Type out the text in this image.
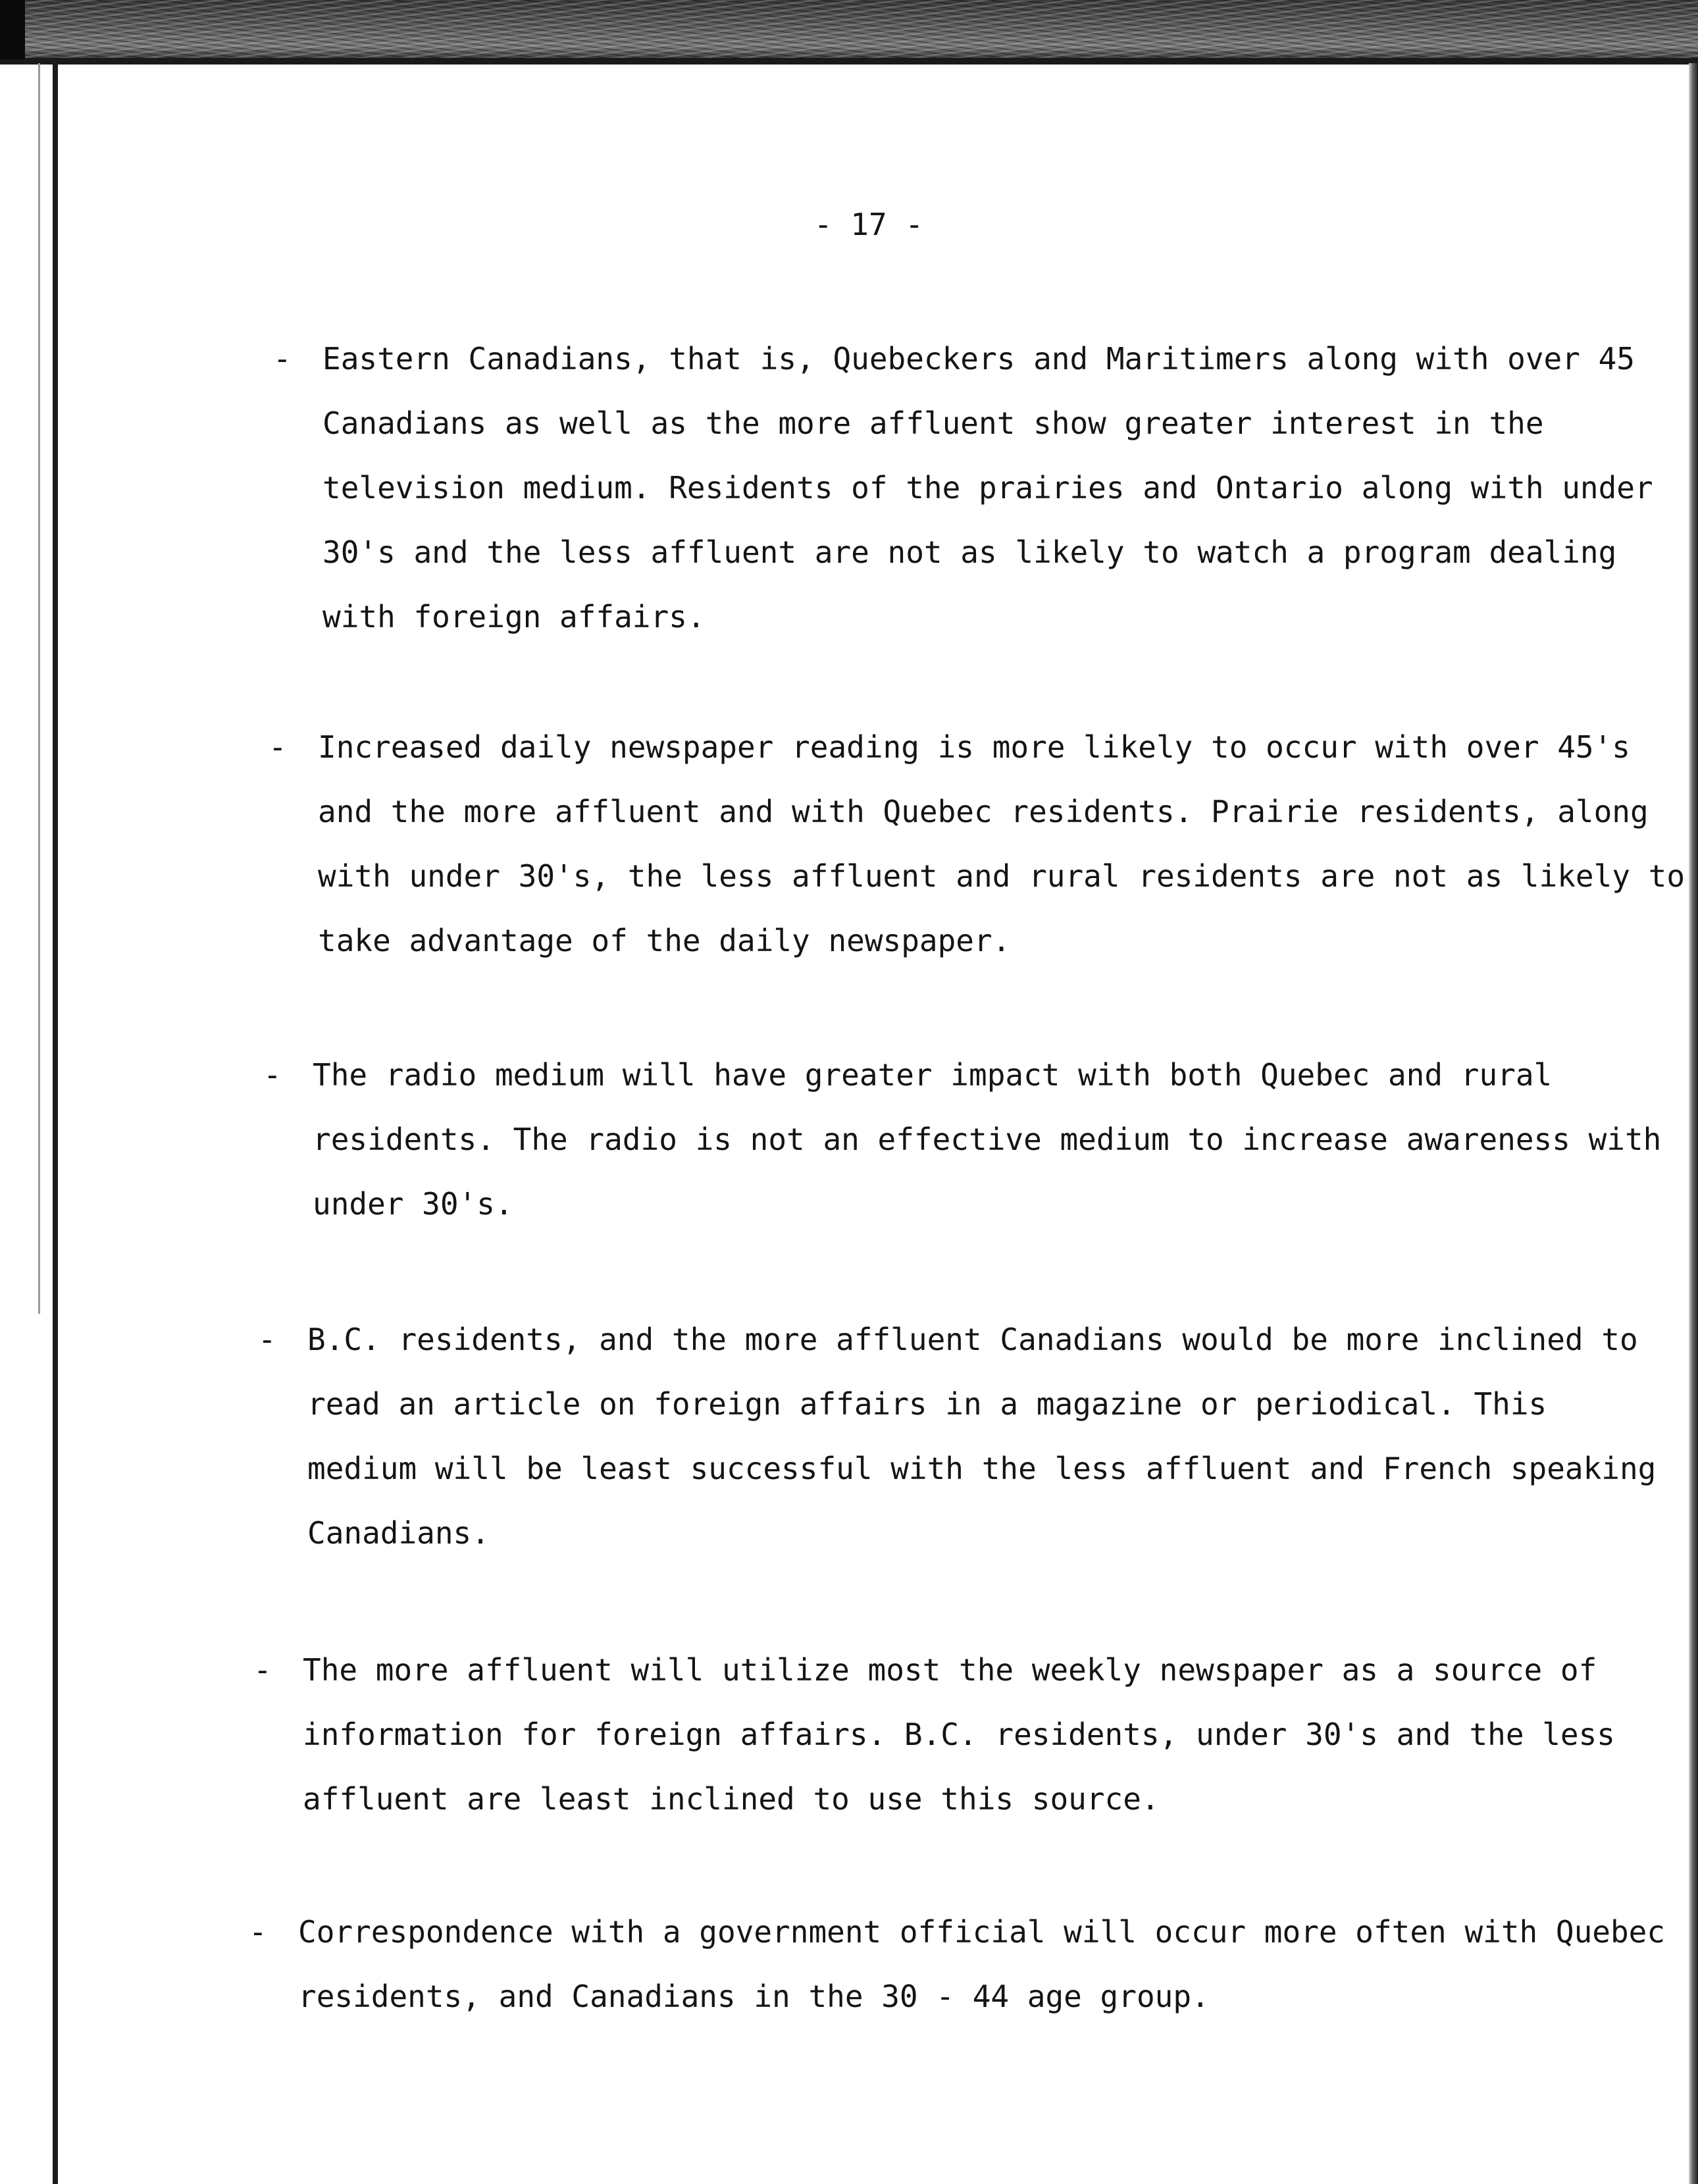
- 17 -
- Eastern Canadians, that is, Quebeckers and Maritimers along with over 45
Canadians as well as the more affluent show greater interest in the
television medium. Residents of the prairies and Ontario along with under
30's and the less affluent are not as likely to watch a program dealing
with foreign affairs.
- Increased daily newspaper reading is more likely to occur with over 45's
and the more affluent and with Quebec residents. Prairie residents, along
with under 30's, the less affluent and rural residents are not as likely to
take advantage of the daily newspaper.
- The radio medium will have greater impact with both Quebec and rural
residents. The radio is not an effective medium to increase awareness with
under 30's.
- B.C. residents, and the more affluent Canadians would be more inclined to
read an article on foreign affairs in a magazine or periodical. This
medium will be least successful with the less affluent and French speaking
Canadians.
- The more affluent will utilize most the weekly newspaper as a source of
information for foreign affairs. B.C. residents, under 30's and the less
affluent are least inclined to use this source.
- Correspondence with a government official will occur more often with Quebec
residents, and Canadians in the 30 - 44 age group.
